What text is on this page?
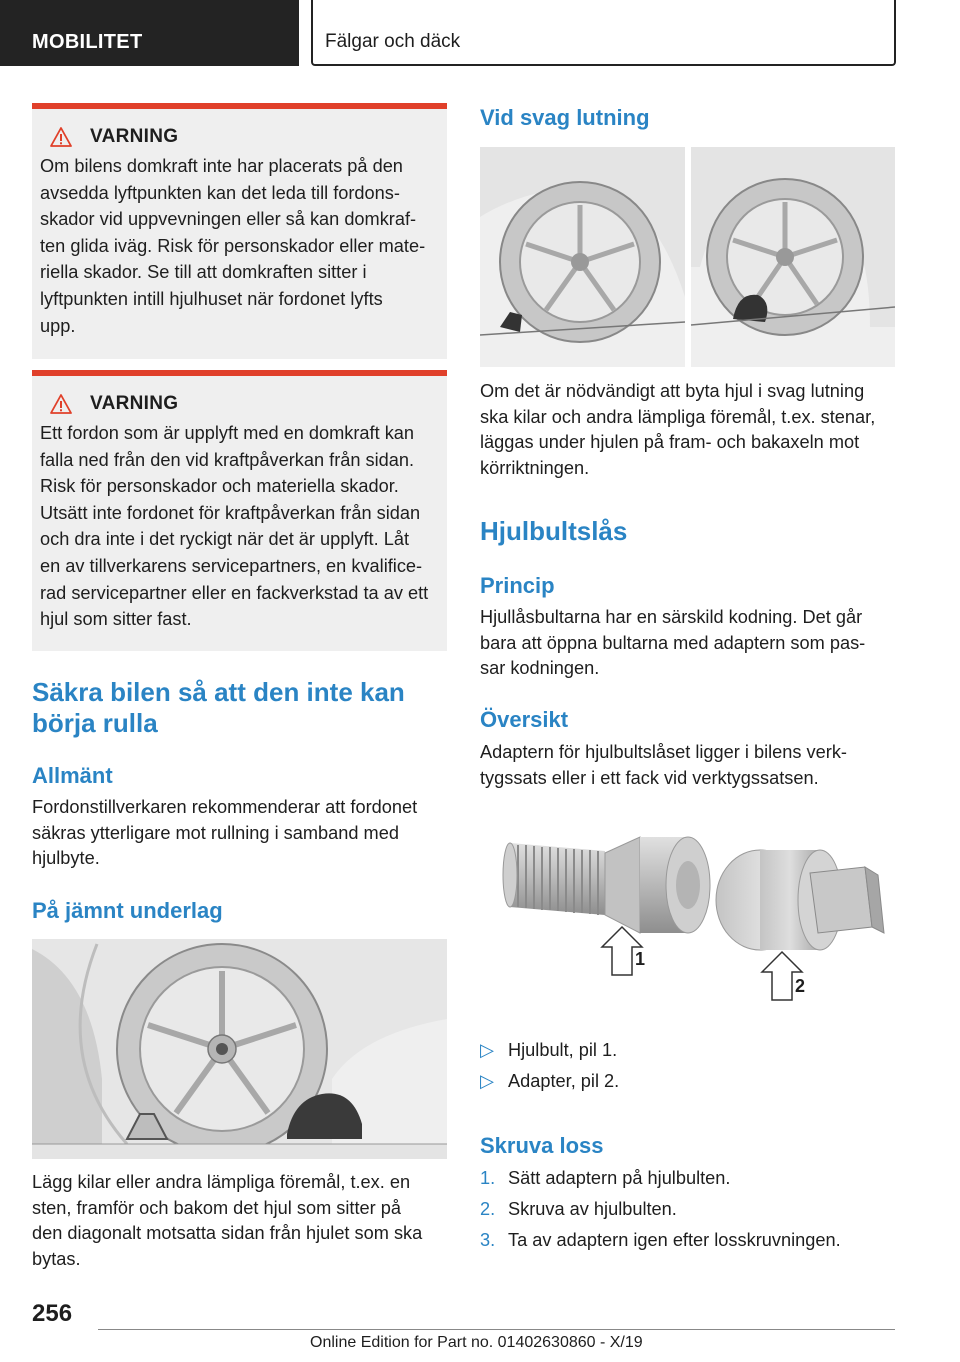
MOBILITET	Fälgar och däck
VARNING
Om bilens domkraft inte har placerats på den
avsedda lyftpunkten kan det leda till fordons-
skador vid uppvevningen eller så kan domkraf-
ten glida iväg. Risk för personskador eller mate-
riella skador. Se till att domkraften sitter i
lyftpunkten intill hjulhuset när fordonet lyfts
upp.
VARNING
Ett fordon som är upplyft med en domkraft kan
falla ned från den vid kraftpåverkan från sidan.
Risk för personskador och materiella skador.
Utsätt inte fordonet för kraftpåverkan från sidan
och dra inte i det ryckigt när det är upplyft. Låt
en av tillverkarens servicepartners, en kvalifice-
rad servicepartner eller en fackverkstad ta av ett
hjul som sitter fast.
Säkra bilen så att den inte kan
börja rulla
Allmänt
Fordonstillverkaren rekommenderar att fordonet
säkras ytterligare mot rullning i samband med
hjulbyte.
På jämnt underlag
Lägg kilar eller andra lämpliga föremål, t.ex. en
sten, framför och bakom det hjul som sitter på
den diagonalt motsatta sidan från hjulet som ska
bytas.
Vid svag lutning
Om det är nödvändigt att byta hjul i svag lutning
ska kilar och andra lämpliga föremål, t.ex. stenar,
läggas under hjulen på fram- och bakaxeln mot
körriktningen.
Hjulbultslås
Princip
Hjullåsbultarna har en särskild kodning. Det går
bara att öppna bultarna med adaptern som pas-
sar kodningen.
Översikt
Adaptern för hjulbultslåset ligger i bilens verk-
tygssats eller i ett fack vid verktygssatsen.
1
2
▷ Hjulbult, pil 1.
▷ Adapter, pil 2.
Skruva loss
1. Sätt adaptern på hjulbulten.
2. Skruva av hjulbulten.
3. Ta av adaptern igen efter losskruvningen.
256
Online Edition for Part no. 01402630860 - X/19
